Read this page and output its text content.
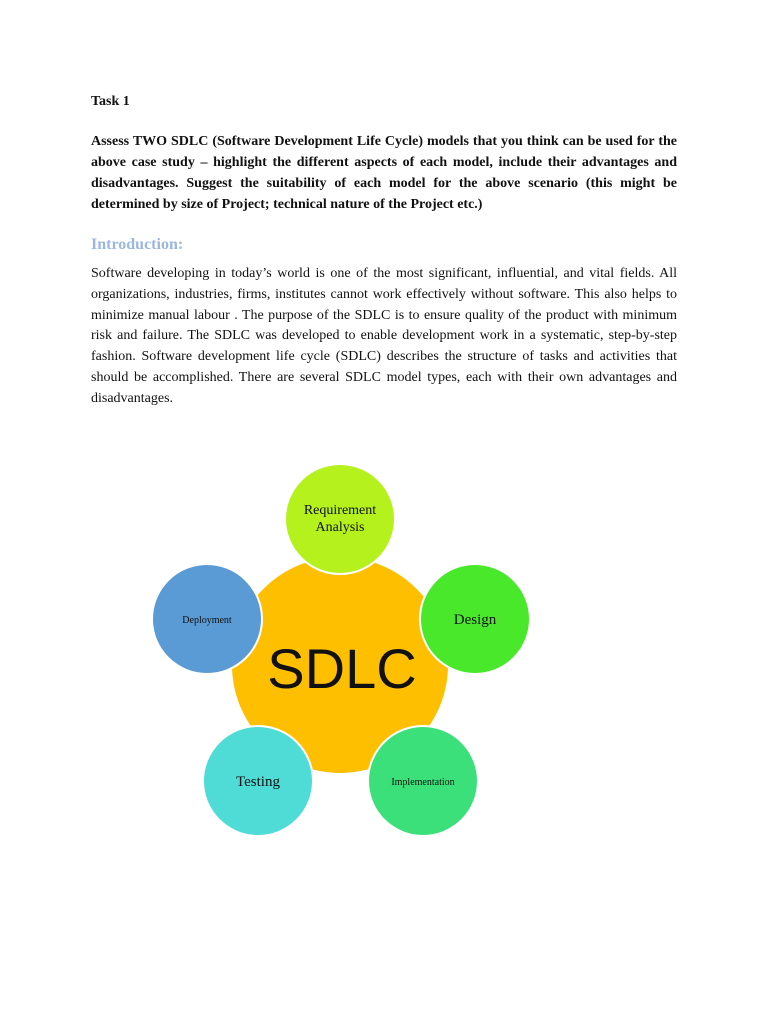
Task 1

Assess TWO SDLC (Software Development Life Cycle) models that you think can be used for the above case study – highlight the different aspects of each model, include their advantages and disadvantages. Suggest the suitability of each model for the above scenario (this might be determined by size of Project; technical nature of the Project etc.)

Introduction:

Software developing in today’s world is one of the most significant, influential, and vital fields. All organizations, industries, firms, institutes cannot work effectively without software. This also helps to minimize manual labour . The purpose of the SDLC is to ensure quality of the product with minimum risk and failure. The SDLC was developed to enable development work in a systematic, step-by-step fashion. Software development life cycle (SDLC) describes the structure of tasks and activities that should be accomplished. There are several SDLC model types, each with their own advantages and disadvantages.

SDLC
Requirement
Analysis
Design
Implementation
Testing
Deployment
